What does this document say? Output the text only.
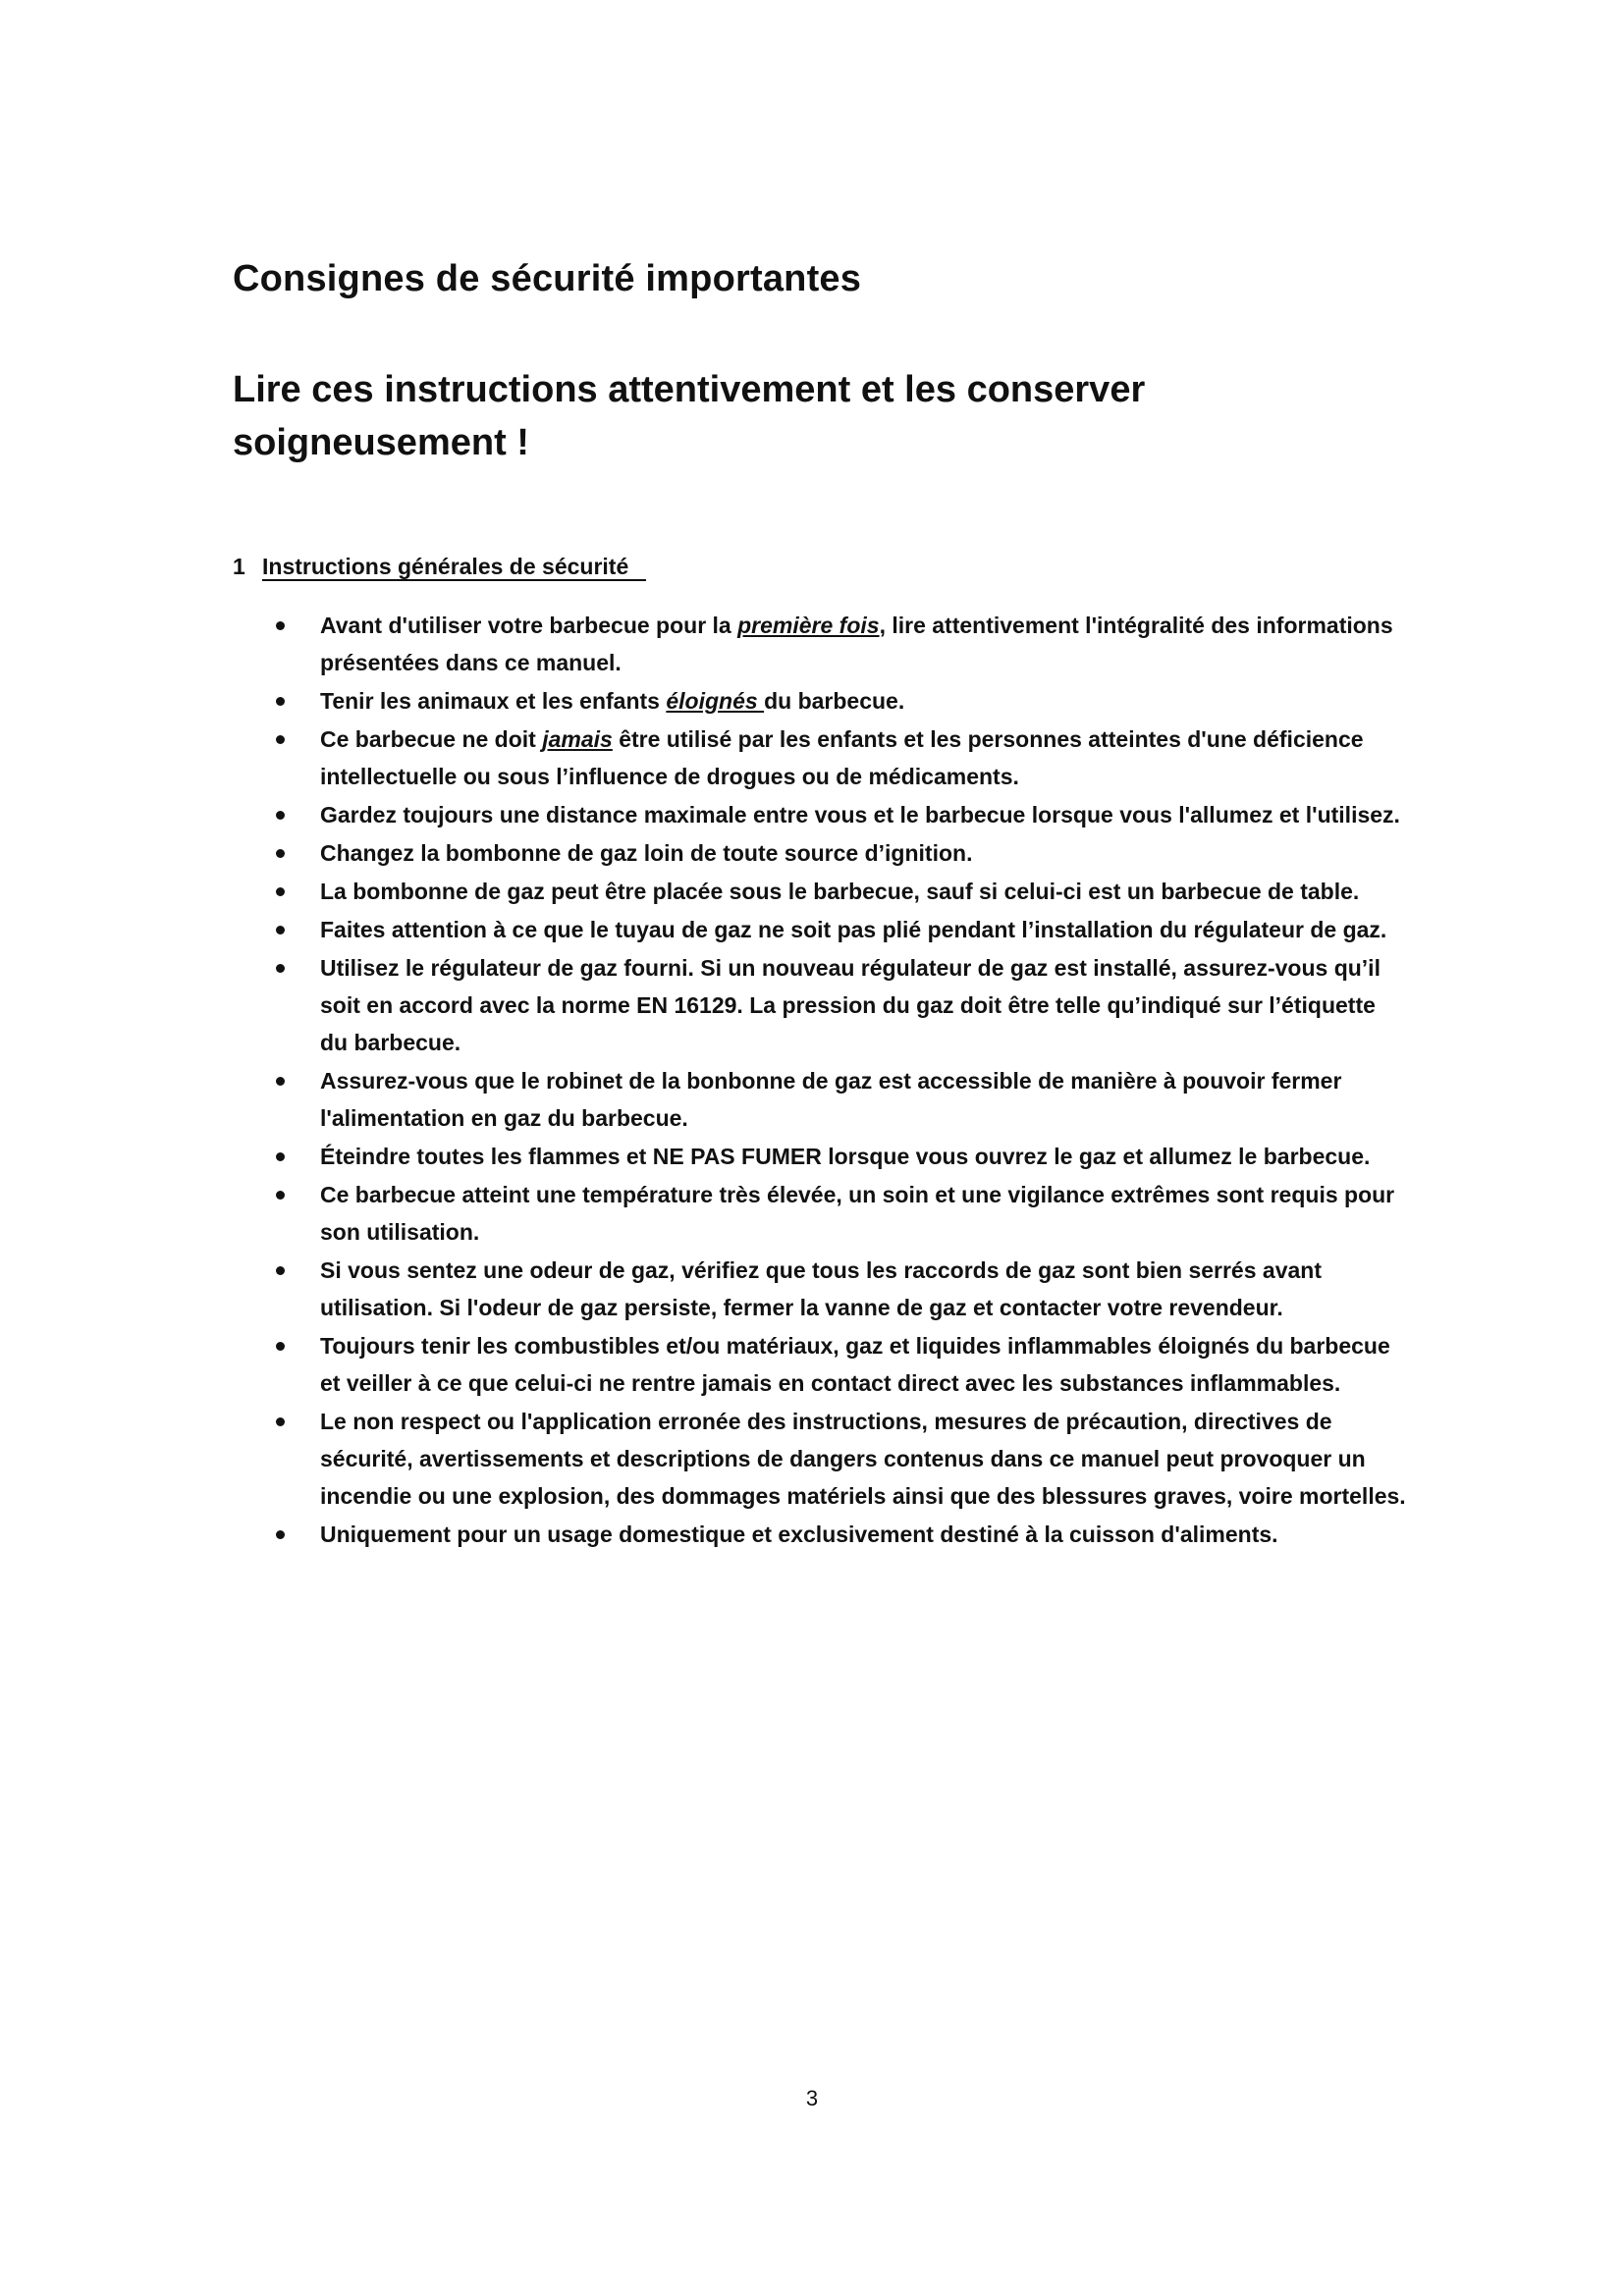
Consignes de sécurité importantes
Lire ces instructions attentivement et les conserver soigneusement !
1 Instructions générales de sécurité
Avant d'utiliser votre barbecue pour la première fois, lire attentivement l'intégralité des informations présentées dans ce manuel.
Tenir les animaux et les enfants éloignés du barbecue.
Ce barbecue ne doit jamais être utilisé par les enfants et les personnes atteintes d'une déficience intellectuelle ou sous l’influence de drogues ou de médicaments.
Gardez toujours une distance maximale entre vous et le barbecue lorsque vous l'allumez et l'utilisez.
Changez la bombonne de gaz loin de toute source d’ignition.
La bombonne de gaz peut être placée sous le barbecue, sauf si celui-ci est un barbecue de table.
Faites attention à ce que le tuyau de gaz ne soit pas plié pendant l’installation du régulateur de gaz.
Utilisez le régulateur de gaz fourni. Si un nouveau régulateur de gaz est installé, assurez-vous qu’il soit en accord avec la norme EN 16129. La pression du gaz doit être telle qu’indiqué sur l’étiquette du barbecue.
Assurez-vous que le robinet de la bonbonne de gaz est accessible de manière à pouvoir fermer l'alimentation en gaz du barbecue.
Éteindre toutes les flammes et NE PAS FUMER lorsque vous ouvrez le gaz et allumez le barbecue.
Ce barbecue atteint une température très élevée, un soin et une vigilance extrêmes sont requis pour son utilisation.
Si vous sentez une odeur de gaz, vérifiez que tous les raccords de gaz sont bien serrés avant utilisation. Si l'odeur de gaz persiste, fermer la vanne de gaz et contacter votre revendeur.
Toujours tenir les combustibles et/ou matériaux, gaz et liquides inflammables éloignés du barbecue et veiller à ce que celui-ci ne rentre jamais en contact direct avec les substances inflammables.
Le non respect ou l'application erronée des instructions, mesures de précaution, directives de sécurité, avertissements et descriptions de dangers contenus dans ce manuel peut provoquer un incendie ou une explosion, des dommages matériels ainsi que des blessures graves, voire mortelles.
Uniquement pour un usage domestique et exclusivement destiné à la cuisson d'aliments.
3
